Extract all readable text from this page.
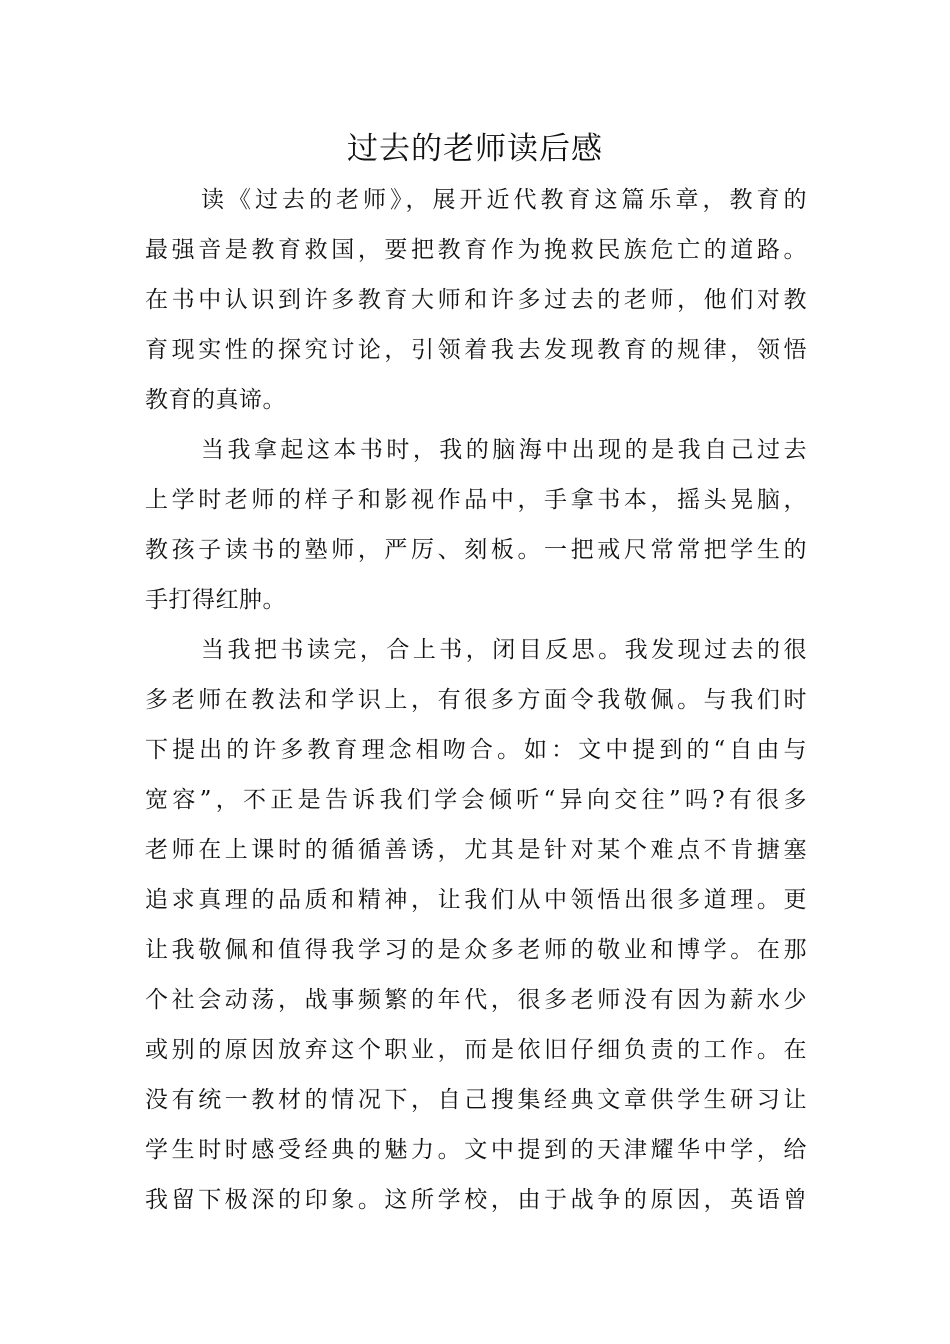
过去的老师读后感
读《过去的老师》，展开近代教育这篇乐章，教育的
最强音是教育救国，要把教育作为挽救民族危亡的道路。
在书中认识到许多教育大师和许多过去的老师，他们对教
育现实性的探究讨论，引领着我去发现教育的规律，领悟
教育的真谛。
当我拿起这本书时，我的脑海中出现的是我自己过去
上学时老师的样子和影视作品中，手拿书本，摇头晃脑，
教孩子读书的塾师，严厉、刻板。一把戒尺常常把学生的
手打得红肿。
当我把书读完，合上书，闭目反思。我发现过去的很
多老师在教法和学识上，有很多方面令我敬佩。与我们时
下提出的许多教育理念相吻合。如：文中提到的“自由与
宽容”，不正是告诉我们学会倾听“异向交往”吗?有很多
老师在上课时的循循善诱，尤其是针对某个难点不肯搪塞
追求真理的品质和精神，让我们从中领悟出很多道理。更
让我敬佩和值得我学习的是众多老师的敬业和博学。在那
个社会动荡，战事频繁的年代，很多老师没有因为薪水少
或别的原因放弃这个职业，而是依旧仔细负责的工作。在
没有统一教材的情况下，自己搜集经典文章供学生研习让
学生时时感受经典的魅力。文中提到的天津耀华中学，给
我留下极深的印象。这所学校，由于战争的原因，英语曾
